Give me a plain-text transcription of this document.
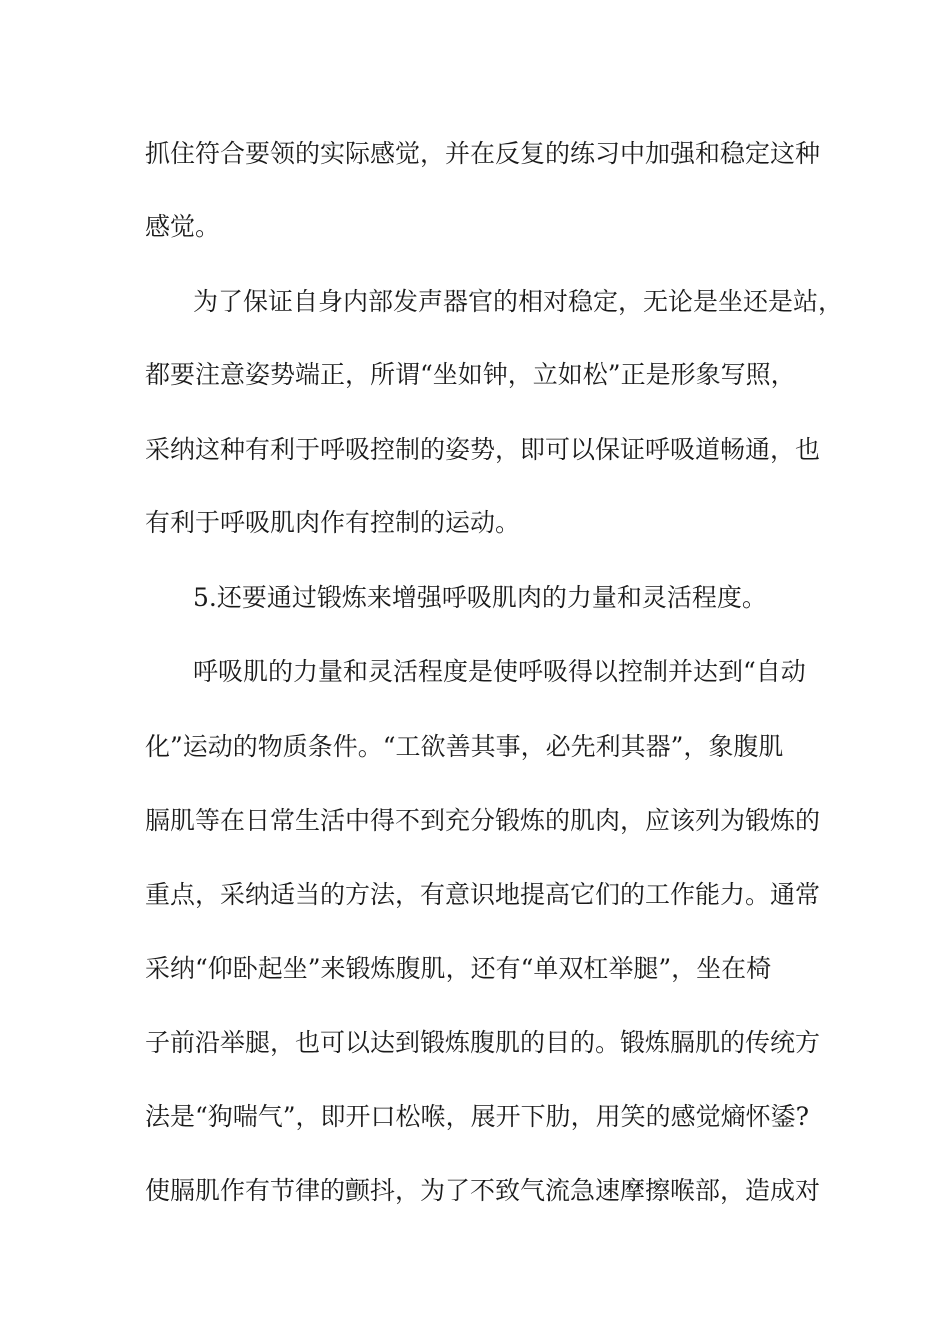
抓住符合要领的实际感觉，并在反复的练习中加强和稳定这种
感觉。
为了保证自身内部发声器官的相对稳定，无论是坐还是站，
都要注意姿势端正，所谓“坐如钟，立如松”正是形象写照，
采纳这种有利于呼吸控制的姿势，即可以保证呼吸道畅通，也
有利于呼吸肌肉作有控制的运动。
5.还要通过锻炼来增强呼吸肌肉的力量和灵活程度。
呼吸肌的力量和灵活程度是使呼吸得以控制并达到“自动
化”运动的物质条件。“工欲善其事，必先利其器”，象腹肌
膈肌等在日常生活中得不到充分锻炼的肌肉，应该列为锻炼的
重点，采纳适当的方法，有意识地提高它们的工作能力。通常
采纳“仰卧起坐”来锻炼腹肌，还有“单双杠举腿”，坐在椅
子前沿举腿，也可以达到锻炼腹肌的目的。锻炼膈肌的传统方
法是“狗喘气”，即开口松喉，展开下肋，用笑的感觉熵怀鋈?
使膈肌作有节律的颤抖，为了不致气流急速摩擦喉部，造成对
